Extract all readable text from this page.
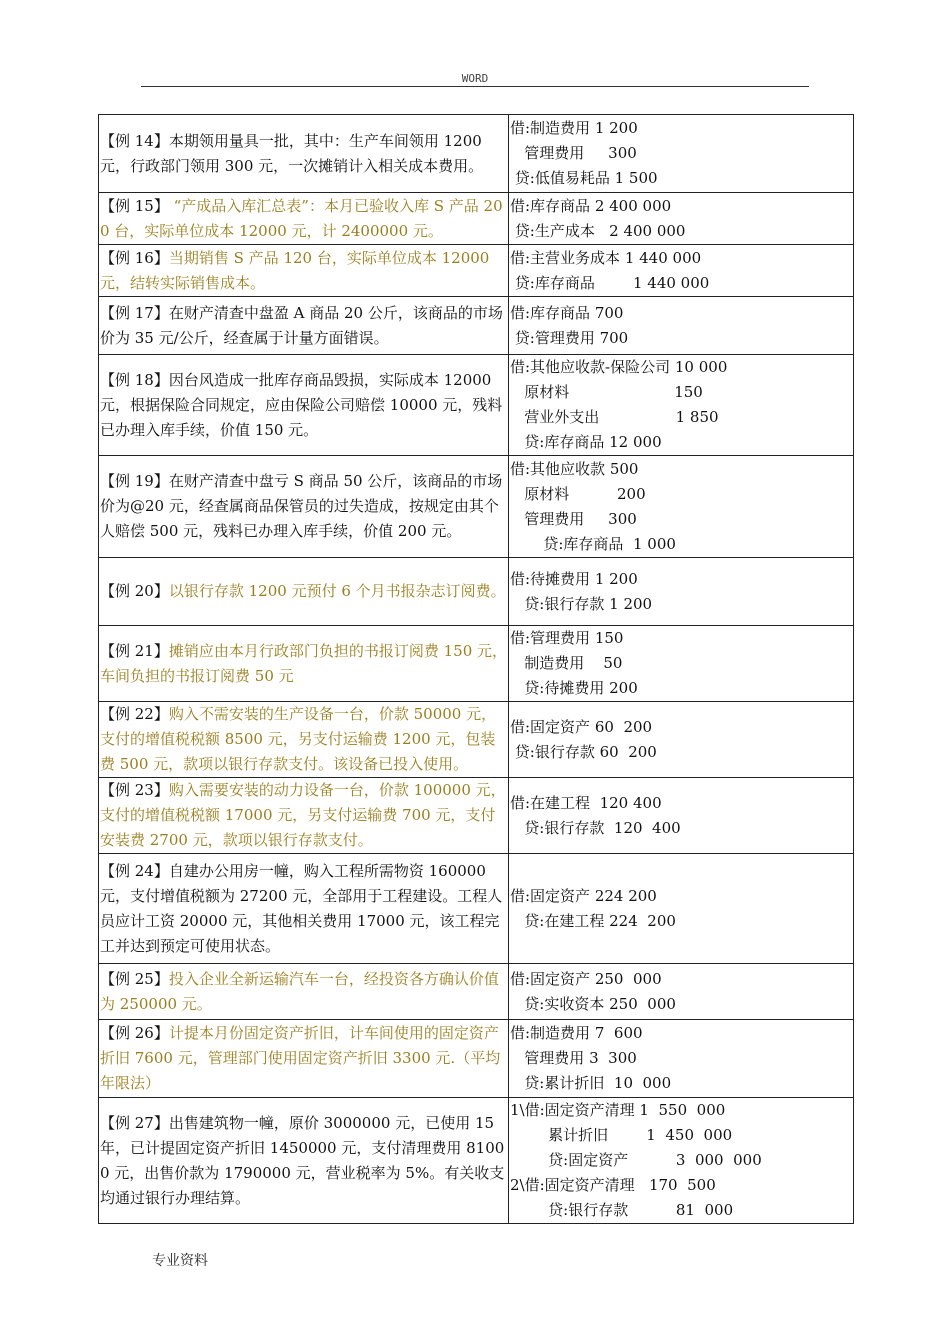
WORD
【例 14】本期领用量具一批，其中：生产车间领用 1200元，行政部门领用 300 元，一次摊销计入相关成本费用。	借:制造费用 1 200
管理费用     300
贷:低值易耗品 1 500

【例 15】 “产成品入库汇总表”：本月已验收入库 S 产品 200 台，实际单位成本 12000 元，计 2400000 元。	借:库存商品 2 400 000
贷:生产成本   2 400 000

【例 16】当期销售 S 产品 120 台，实际单位成本 12000 元，结转实际销售成本。	借:主营业务成本 1 440 000
贷:库存商品        1 440 000

【例 17】在财产清查中盘盈 A 商品 20 公斤，该商品的市场价为 35 元/公斤，经查属于计量方面错误。	借:库存商品 700
贷:管理费用 700

【例 18】因台风造成一批库存商品毁损，实际成本 12000 元，根据保险合同规定，应由保险公司赔偿 10000 元，残料已办理入库手续，价值 150 元。	借:其他应收款-保险公司 10 000
原材料                      150
营业外支出                1 850
贷:库存商品 12 000

【例 19】在财产清查中盘亏 S 商品 50 公斤，该商品的市场价为@20 元，经查属商品保管员的过失造成，按规定由其个人赔偿 500 元，残料已办理入库手续，价值 200 元。	借:其他应收款 500
原材料          200
管理费用     300
贷:库存商品  1 000

【例 20】以银行存款 1200 元预付 6 个月书报杂志订阅费。	借:待摊费用 1 200
贷:银行存款 1 200

【例 21】摊销应由本月行政部门负担的书报订阅费 150 元，车间负担的书报订阅费 50 元	借:管理费用 150
制造费用    50
贷:待摊费用 200

【例 22】购入不需安装的生产设备一台，价款 50000 元，支付的增值税税额 8500 元，另支付运输费 1200 元，包装费 500 元，款项以银行存款支付。该设备已投入使用。	借:固定资产 60  200
贷:银行存款 60  200

【例 23】购入需要安装的动力设备一台，价款 100000 元，支付的增值税税额 17000 元，另支付运输费 700 元，支付安装费 2700 元，款项以银行存款支付。	借:在建工程  120 400
贷:银行存款  120  400

【例 24】自建办公用房一幢，购入工程所需物资 160000元，支付增值税额为 27200 元，全部用于工程建设。工程人员应计工资 20000 元，其他相关费用 17000 元，该工程完工并达到预定可使用状态。	借:固定资产 224 200
贷:在建工程 224  200

【例 25】投入企业全新运输汽车一台，经投资各方确认价值为 250000 元。	借:固定资产 250  000
贷:实收资本 250  000

【例 26】计提本月份固定资产折旧，计车间使用的固定资产折旧 7600 元，管理部门使用固定资产折旧 3300 元.（平均年限法）	借:制造费用 7  600
管理费用 3  300
贷:累计折旧  10  000

【例 27】出售建筑物一幢，原价 3000000 元，已使用 15 年，已计提固定资产折旧 1450000 元，支付清理费用 81000 元，出售价款为 1790000 元，营业税率为 5%。有关收支均通过银行办理结算。	1\借:固定资产清理 1  550  000
累计折旧        1  450  000
贷:固定资产          3  000  000
2\借:固定资产清理   170  500
贷:银行存款          81  000
专业资料
